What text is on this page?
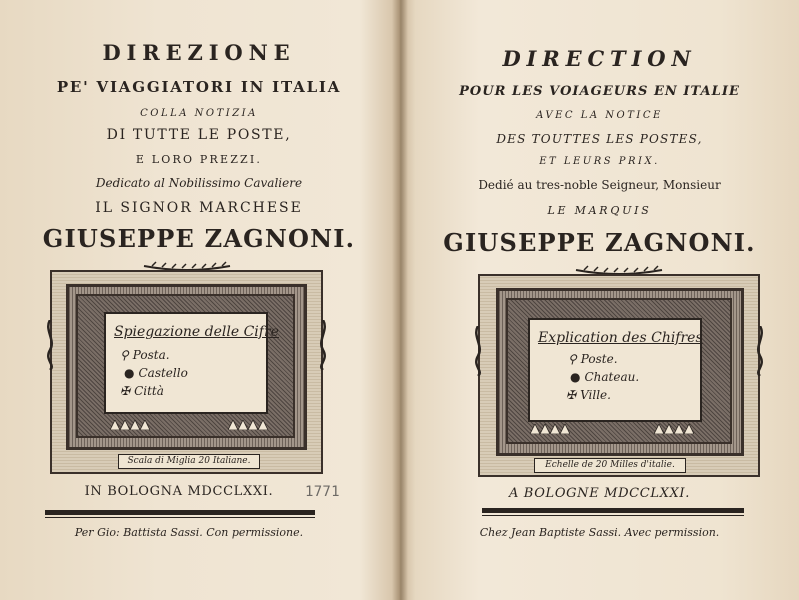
DIREZIONE
PE' VIAGGIATORI IN ITALIA
COLLA NOTIZIA
DI TUTTE LE POSTE,
E LORO PREZZI.
Dedicato al Nobilissimo Cavaliere
IL SIGNOR MARCHESE
GIUSEPPE ZAGNONI.
Spiegazione delle Cifre
⚲ Posta.
● Castello
✠ Città
Scala di Miglia 20 Italiane.
IN BOLOGNA MDCCLXXI.	1771
Per Gio: Battista Sassi. Con permissione.
DIRECTION
POUR LES VOIAGEURS EN ITALIE
AVEC LA NOTICE
DES TOUTTES LES POSTES,
ET LEURS PRIX.
Dedié au tres-noble Seigneur, Monsieur
LE MARQUIS
GIUSEPPE ZAGNONI.
Explication des Chifres
⚲ Poste.
● Chateau.
✠ Ville.
Echelle de 20 Milles d'italie.
A BOLOGNE MDCCLXXI.
Chez Jean Baptiste Sassi. Avec permission.
